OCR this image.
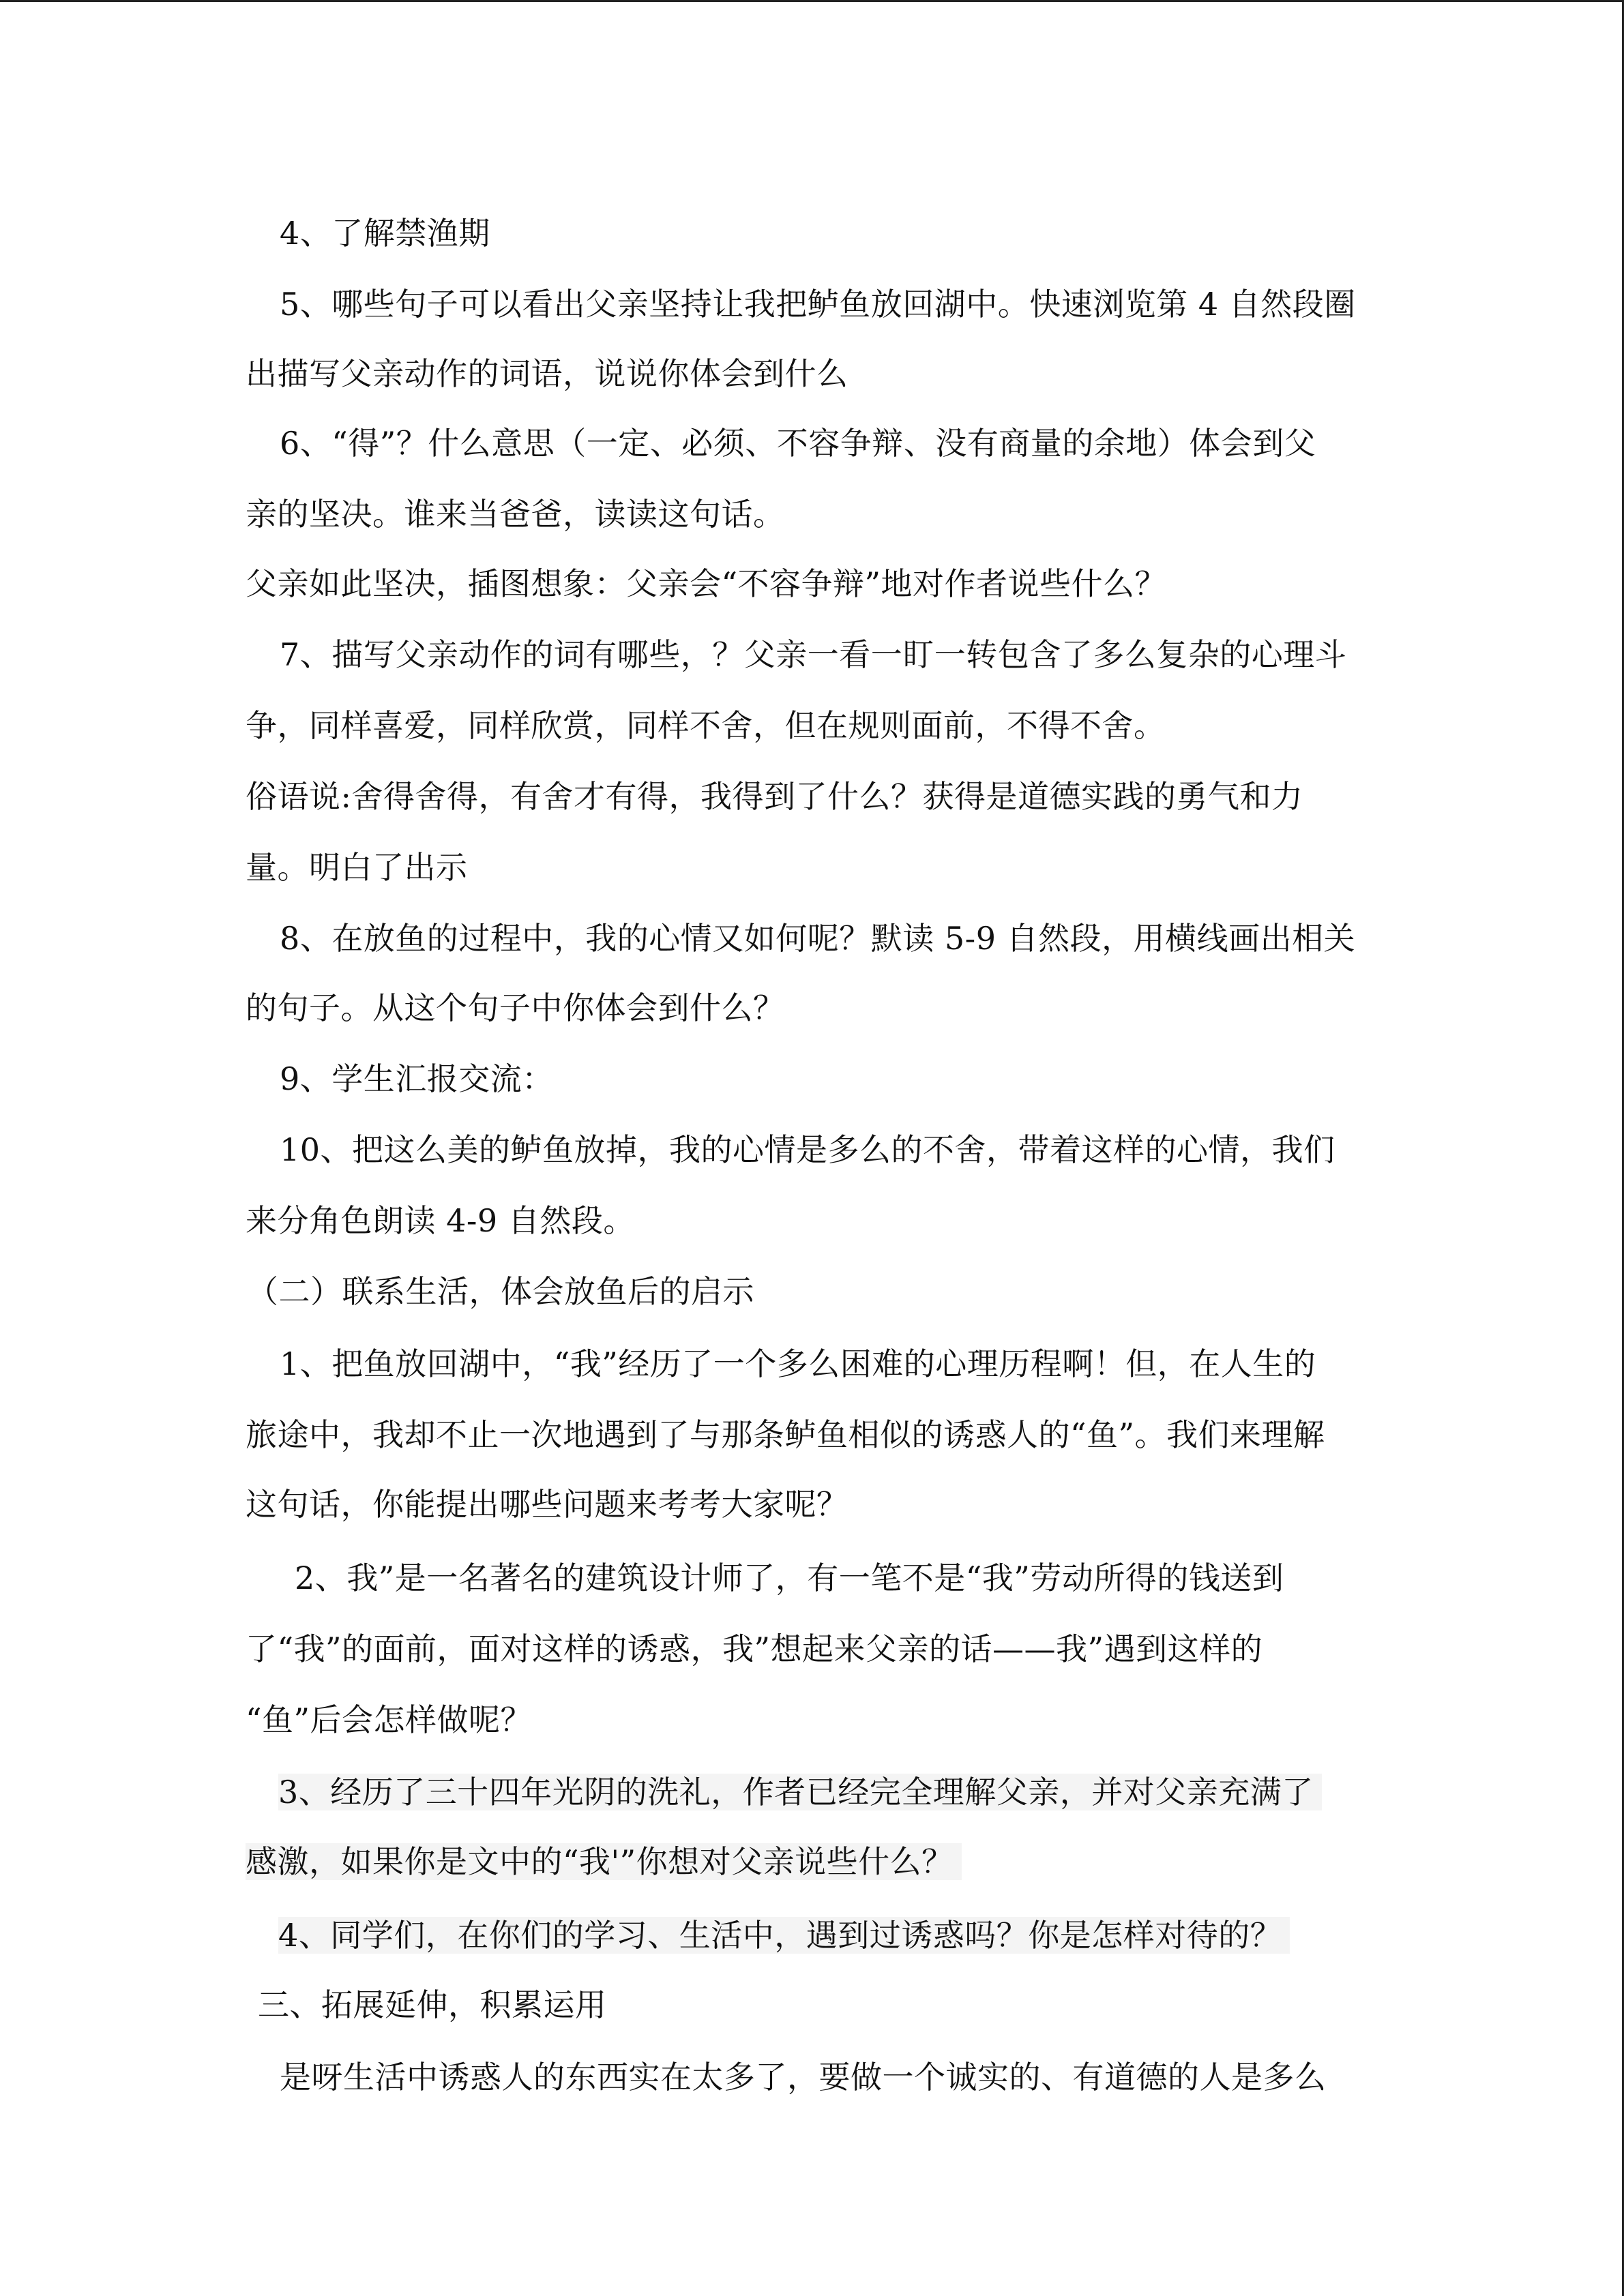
4、了解禁渔期

5、哪些句子可以看出父亲坚持让我把鲈鱼放回湖中。快速浏览第 4 自然段圈

出描写父亲动作的词语，说说你体会到什么

6、“得”？什么意思（一定、必须、不容争辩、没有商量的余地）体会到父

亲的坚决。谁来当爸爸，读读这句话。

父亲如此坚决，插图想象：父亲会“不容争辩”地对作者说些什么？

7、描写父亲动作的词有哪些，？父亲一看一盯一转包含了多么复杂的心理斗

争，同样喜爱，同样欣赏，同样不舍，但在规则面前，不得不舍。

俗语说:舍得舍得，有舍才有得，我得到了什么？获得是道德实践的勇气和力

量。明白了出示

8、在放鱼的过程中，我的心情又如何呢？默读 5-9 自然段，用横线画出相关

的句子。从这个句子中你体会到什么？

9、学生汇报交流：

10、把这么美的鲈鱼放掉，我的心情是多么的不舍，带着这样的心情，我们

来分角色朗读 4-9 自然段。

（二）联系生活，体会放鱼后的启示

1、把鱼放回湖中，“我”经历了一个多么困难的心理历程啊！但，在人生的

旅途中，我却不止一次地遇到了与那条鲈鱼相似的诱惑人的“鱼”。我们来理解

这句话，你能提出哪些问题来考考大家呢？

2、我”是一名著名的建筑设计师了，有一笔不是“我”劳动所得的钱送到

了“我”的面前，面对这样的诱惑，我”想起来父亲的话——我”遇到这样的

“鱼”后会怎样做呢？

3、经历了三十四年光阴的洗礼，作者已经完全理解父亲，并对父亲充满了

感激，如果你是文中的“我'”你想对父亲说些什么？

4、同学们，在你们的学习、生活中，遇到过诱惑吗？你是怎样对待的？

三、拓展延伸，积累运用

是呀生活中诱惑人的东西实在太多了，要做一个诚实的、有道德的人是多么
